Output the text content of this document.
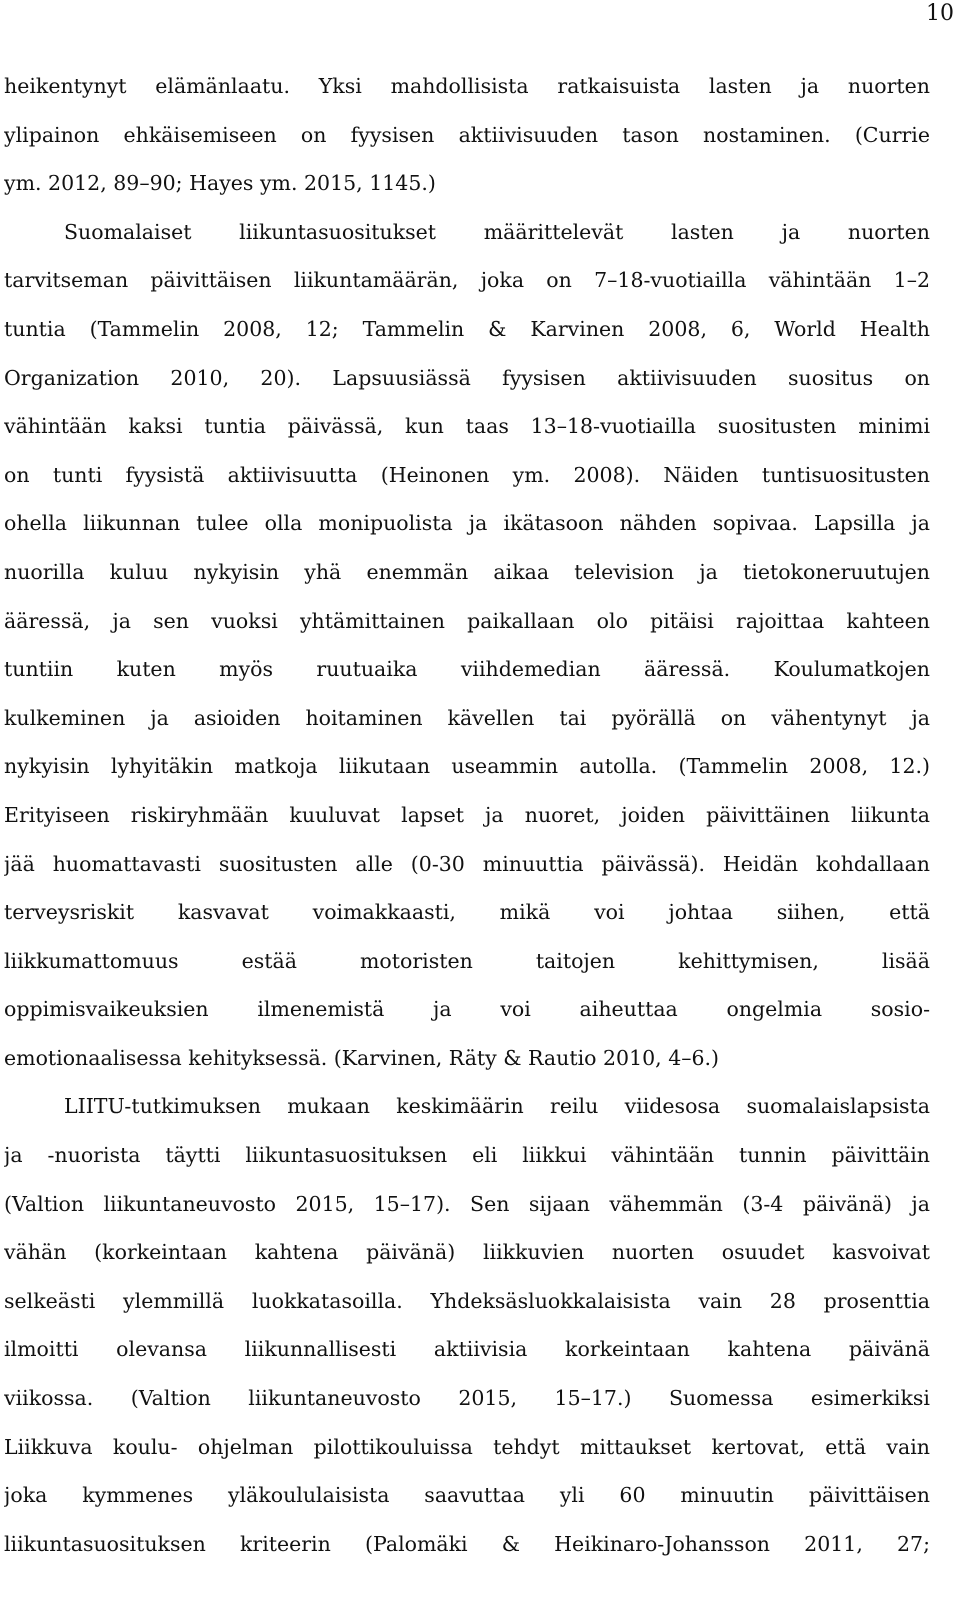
10
heikentynyt elämänlaatu. Yksi mahdollisista ratkaisuista lasten ja nuorten
ylipainon ehkäisemiseen on fyysisen aktiivisuuden tason nostaminen. (Currie
ym. 2012, 89–90; Hayes ym. 2015, 1145.)
Suomalaiset liikuntasuositukset määrittelevät lasten ja nuorten
tarvitseman päivittäisen liikuntamäärän, joka on 7–18-vuotiailla vähintään 1–2
tuntia (Tammelin 2008, 12; Tammelin & Karvinen 2008, 6, World Health
Organization 2010, 20). Lapsuusiässä fyysisen aktiivisuuden suositus on
vähintään kaksi tuntia päivässä, kun taas 13–18-vuotiailla suositusten minimi
on tunti fyysistä aktiivisuutta (Heinonen ym. 2008). Näiden tuntisuositusten
ohella liikunnan tulee olla monipuolista ja ikätasoon nähden sopivaa. Lapsilla ja
nuorilla kuluu nykyisin yhä enemmän aikaa television ja tietokoneruutujen
ääressä, ja sen vuoksi yhtämittainen paikallaan olo pitäisi rajoittaa kahteen
tuntiin kuten myös ruutuaika viihdemedian ääressä. Koulumatkojen
kulkeminen ja asioiden hoitaminen kävellen tai pyörällä on vähentynyt ja
nykyisin lyhyitäkin matkoja liikutaan useammin autolla. (Tammelin 2008, 12.)
Erityiseen riskiryhmään kuuluvat lapset ja nuoret, joiden päivittäinen liikunta
jää huomattavasti suositusten alle (0-30 minuuttia päivässä). Heidän kohdallaan
terveysriskit kasvavat voimakkaasti, mikä voi johtaa siihen, että
liikkumattomuus estää motoristen taitojen kehittymisen, lisää
oppimisvaikeuksien ilmenemistä ja voi aiheuttaa ongelmia sosio-
emotionaalisessa kehityksessä. (Karvinen, Räty & Rautio 2010, 4–6.)
LIITU-tutkimuksen mukaan keskimäärin reilu viidesosa suomalaislapsista
ja -nuorista täytti liikuntasuosituksen eli liikkui vähintään tunnin päivittäin
(Valtion liikuntaneuvosto 2015, 15–17). Sen sijaan vähemmän (3-4 päivänä) ja
vähän (korkeintaan kahtena päivänä) liikkuvien nuorten osuudet kasvoivat
selkeästi ylemmillä luokkatasoilla. Yhdeksäsluokkalaisista vain 28 prosenttia
ilmoitti olevansa liikunnallisesti aktiivisia korkeintaan kahtena päivänä
viikossa. (Valtion liikuntaneuvosto 2015, 15–17.) Suomessa esimerkiksi
Liikkuva koulu- ohjelman pilottikouluissa tehdyt mittaukset kertovat, että vain
joka kymmenes yläkoululaisista saavuttaa yli 60 minuutin päivittäisen
liikuntasuosituksen kriteerin (Palomäki & Heikinaro-Johansson 2011, 27;
